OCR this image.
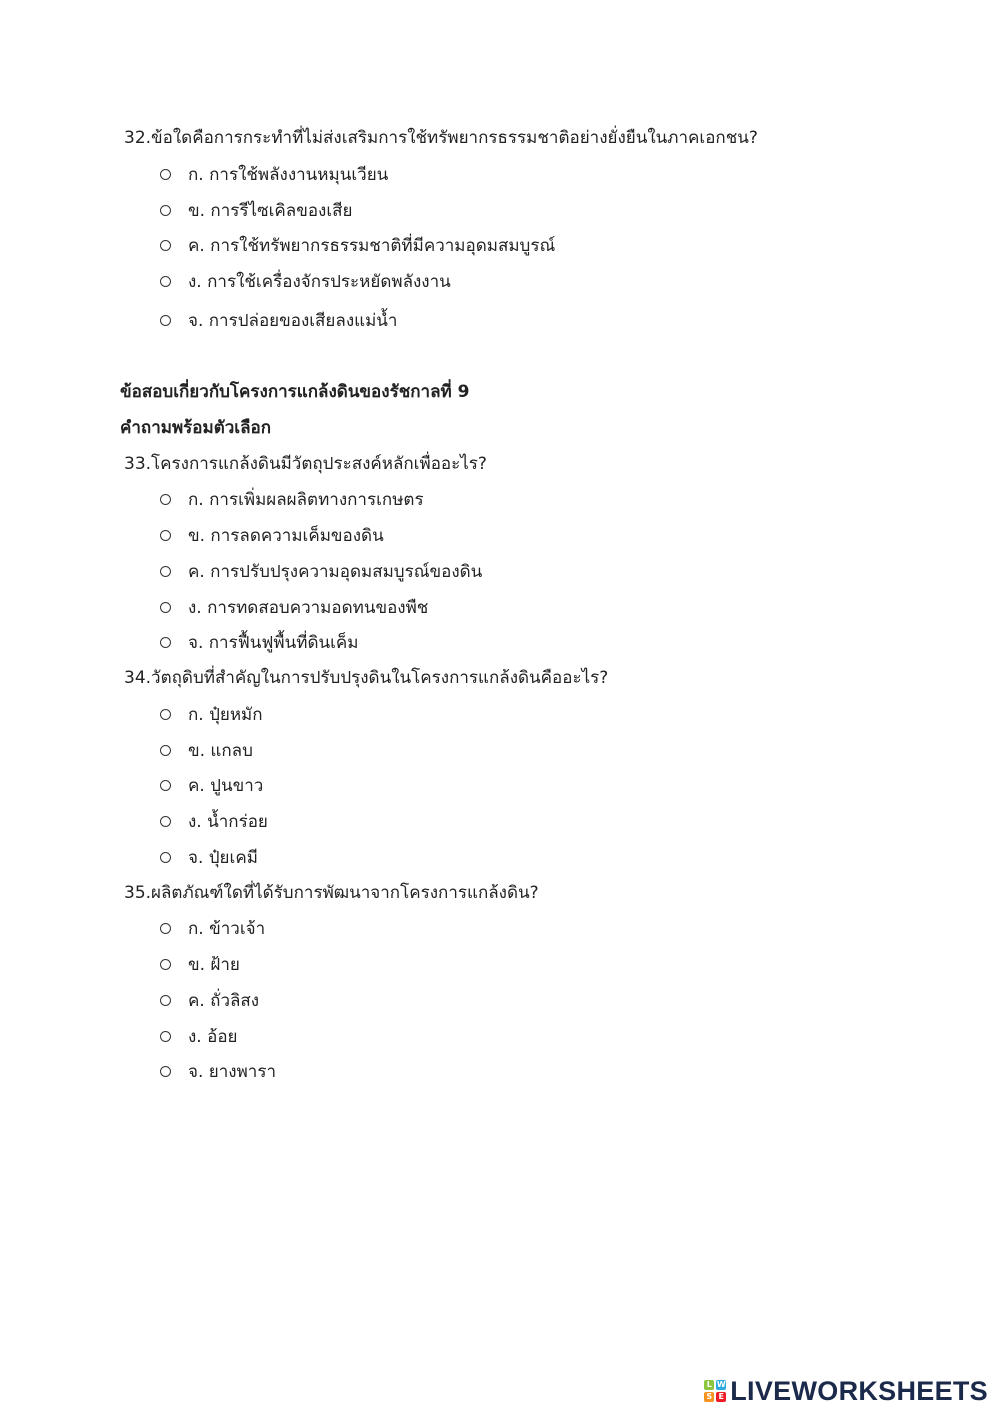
32.ข้อใดคือการกระทำที่ไม่ส่งเสริมการใช้ทรัพยากรธรรมชาติอย่างยั่งยืนในภาคเอกชน?
ก. การใช้พลังงานหมุนเวียน
ข. การรีไซเคิลของเสีย
ค. การใช้ทรัพยากรธรรมชาติที่มีความอุดมสมบูรณ์
ง. การใช้เครื่องจักรประหยัดพลังงาน
จ. การปล่อยของเสียลงแม่น้ำ
ข้อสอบเกี่ยวกับโครงการแกล้งดินของรัชกาลที่ 9
คำถามพร้อมตัวเลือก
33.โครงการแกล้งดินมีวัตถุประสงค์หลักเพื่ออะไร?
ก. การเพิ่มผลผลิตทางการเกษตร
ข. การลดความเค็มของดิน
ค. การปรับปรุงความอุดมสมบูรณ์ของดิน
ง. การทดสอบความอดทนของพืช
จ. การฟื้นฟูพื้นที่ดินเค็ม
34.วัตถุดิบที่สำคัญในการปรับปรุงดินในโครงการแกล้งดินคืออะไร?
ก. ปุ๋ยหมัก
ข. แกลบ
ค. ปูนขาว
ง. น้ำกร่อย
จ. ปุ๋ยเคมี
35.ผลิตภัณฑ์ใดที่ได้รับการพัฒนาจากโครงการแกล้งดิน?
ก. ข้าวเจ้า
ข. ฝ้าย
ค. ถั่วลิสง
ง. อ้อย
จ. ยางพารา
L W
S E LIVEWORKSHEETS
